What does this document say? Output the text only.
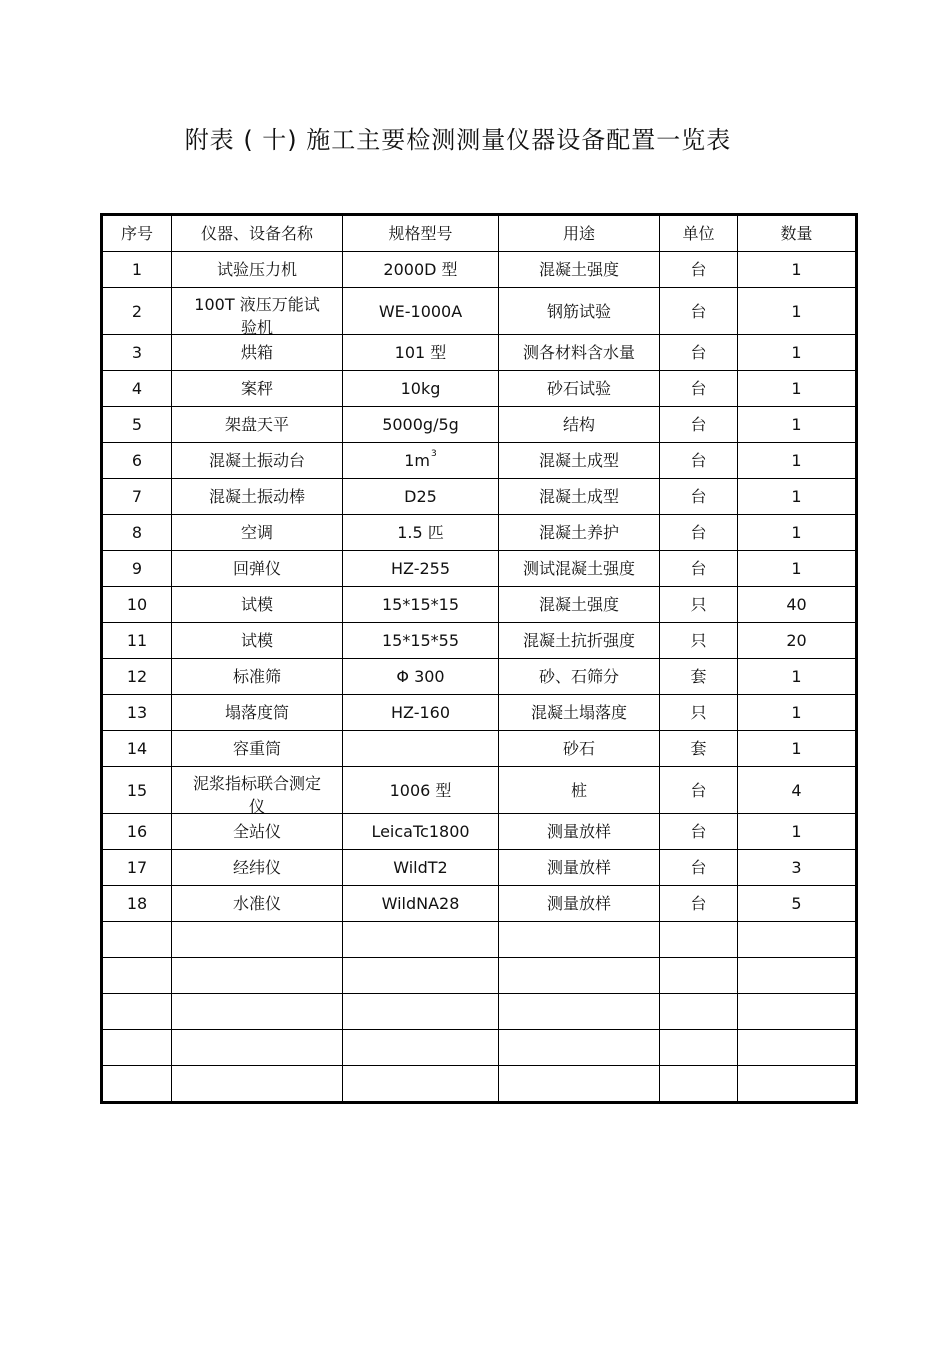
附表 ( 十) 施工主要检测测量仪器设备配置一览表
序号	仪器、设备名称	规格型号	用途	单位	数量
1	试验压力机	2000D 型	混凝土强度	台	1
2	100T 液压万能试验机	WE-1000A	钢筋试验	台	1
3	烘箱	101 型	测各材料含水量	台	1
4	案秤	10kg	砂石试验	台	1
5	架盘天平	5000g/5g	结构	台	1
6	混凝土振动台	$1m^3$	混凝土成型	台	1
7	混凝土振动棒	D25	混凝土成型	台	1
8	空调	1.5 匹	混凝土养护	台	1
9	回弹仪	HZ-255	测试混凝土强度	台	1
10	试模	15*15*15	混凝土强度	只	40
11	试模	15*15*55	混凝土抗折强度	只	20
12	标准筛	Φ 300	砂、石筛分	套	1
13	塌落度筒	HZ-160	混凝土塌落度	只	1
14	容重筒		砂石	套	1
15	泥浆指标联合测定仪	1006 型	桩	台	4
16	全站仪	LeicaTc1800	测量放样	台	1
17	经纬仪	WildT2	测量放样	台	3
18	水准仪	WildNA28	测量放样	台	5
